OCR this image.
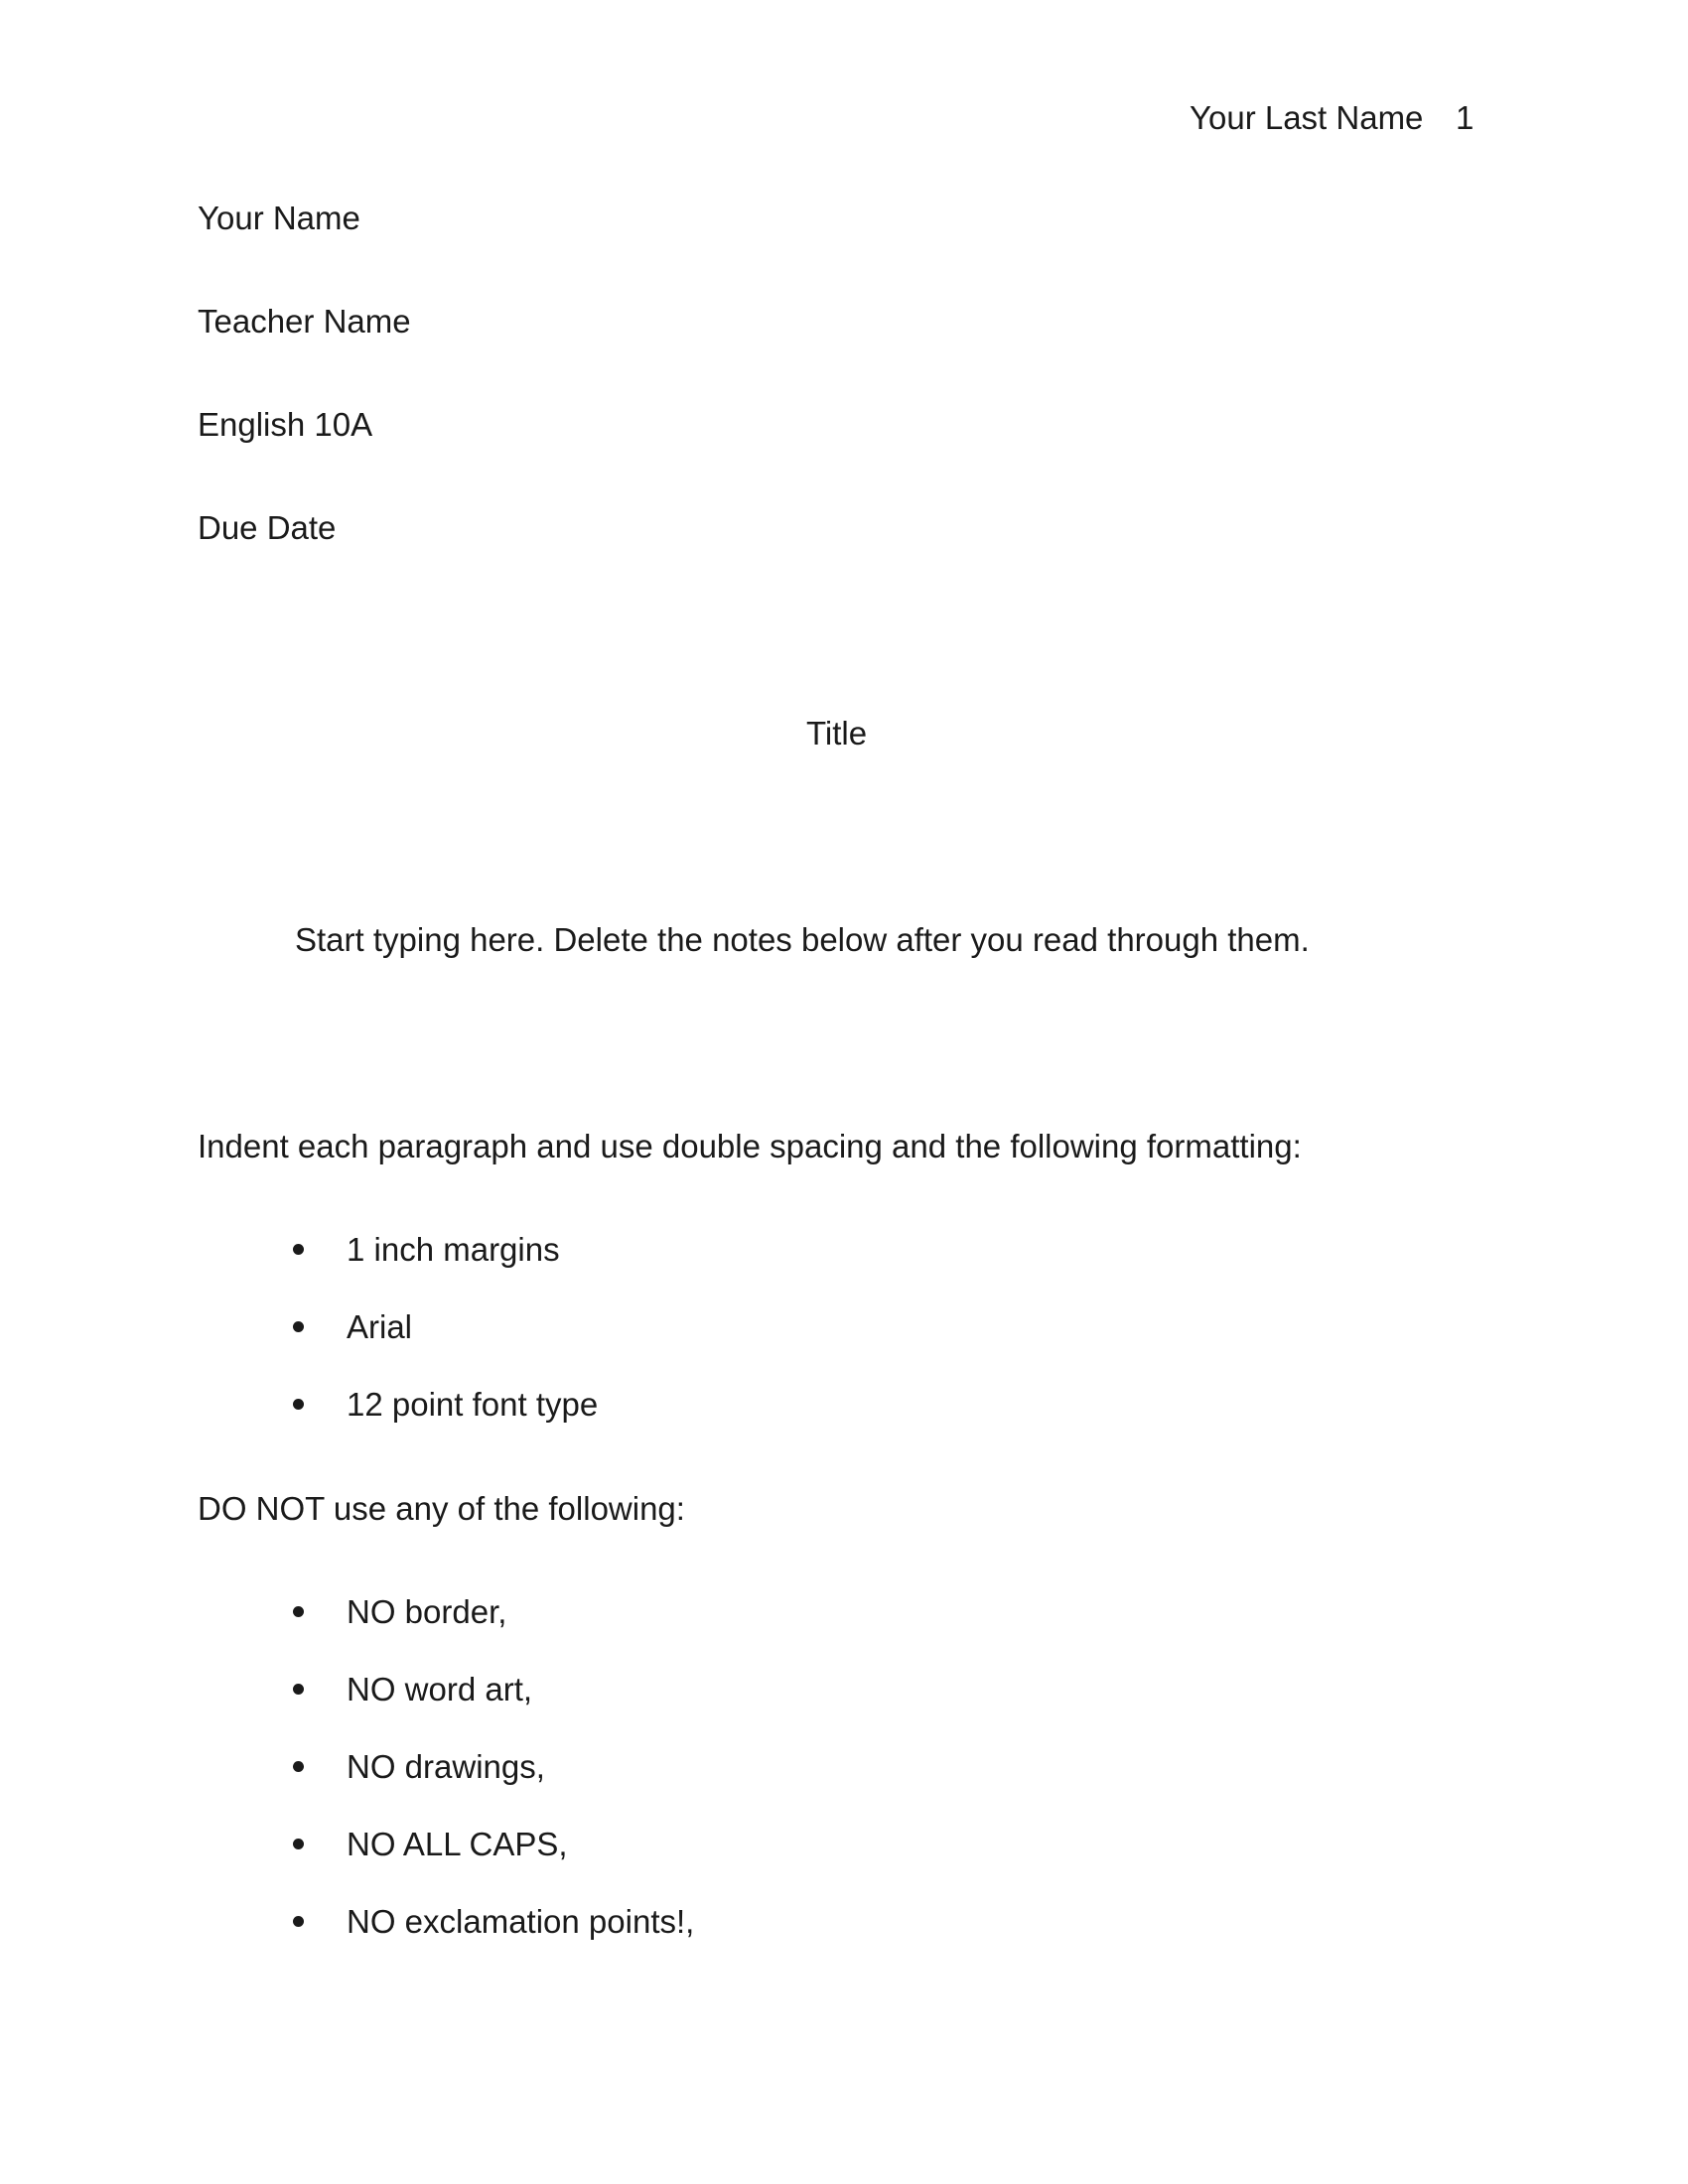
Your Last Name 1
Your Name
Teacher Name
English 10A
Due Date
Title
Start typing here. Delete the notes below after you read through them.
Indent each paragraph and use double spacing and the following formatting:
1 inch margins
Arial
12 point font type
DO NOT use any of the following:
NO border,
NO word art,
NO drawings,
NO ALL CAPS,
NO exclamation points!,
